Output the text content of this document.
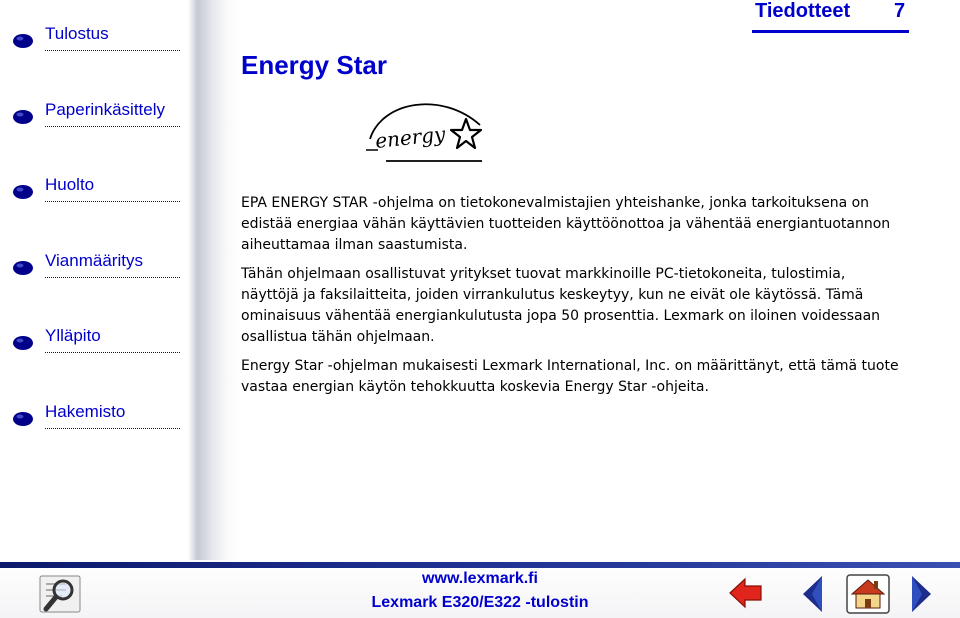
Tulostus
Paperinkäsittely
Huolto
Vianmääritys
Ylläpito
Hakemisto
Tiedotteet 7
Energy Star
energy

EPA ENERGY STAR -ohjelma on tietokonevalmistajien yhteishanke, jonka tarkoituksena on edistää energiaa vähän käyttävien tuotteiden käyttöönottoa ja vähentää energiantuotannon aiheuttamaa ilman saastumista.

Tähän ohjelmaan osallistuvat yritykset tuovat markkinoille PC-tietokoneita, tulostimia, näyttöjä ja faksilaitteita, joiden virrankulutus keskeytyy, kun ne eivät ole käytössä. Tämä ominaisuus vähentää energiankulutusta jopa 50 prosenttia. Lexmark on iloinen voidessaan osallistua tähän ohjelmaan.

Energy Star -ohjelman mukaisesti Lexmark International, Inc. on määrittänyt, että tämä tuote vastaa energian käytön tehokkuutta koskevia Energy Star -ohjeita.

www.lexmark.fi
Lexmark E320/E322 -tulostin
